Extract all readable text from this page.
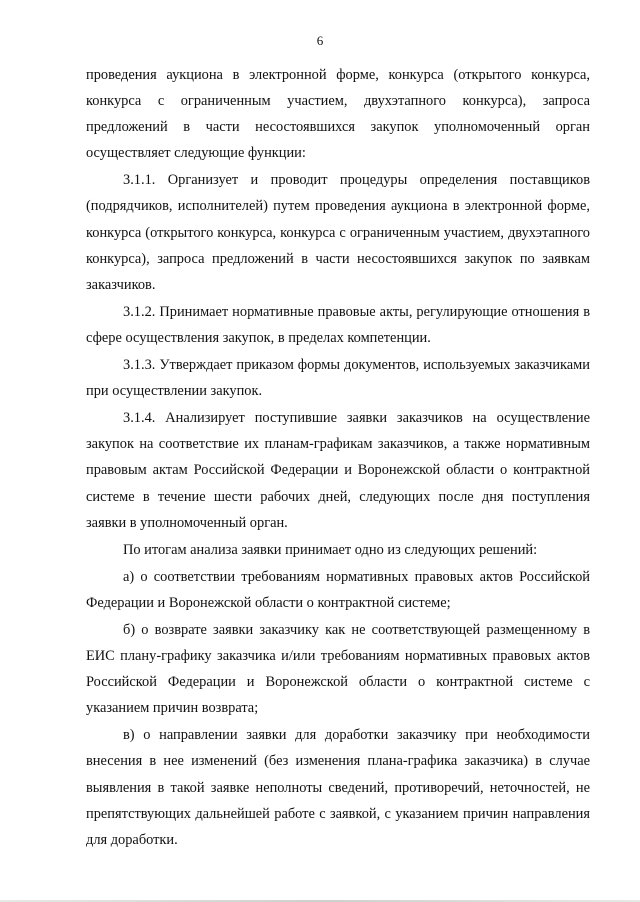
6

проведения аукциона в электронной форме, конкурса (открытого конкурса, конкурса с ограниченным участием, двухэтапного конкурса), запроса предложений в части несостоявшихся закупок уполномоченный орган осуществляет следующие функции:

3.1.1. Организует и проводит процедуры определения поставщиков (подрядчиков, исполнителей) путем проведения аукциона в электронной форме, конкурса (открытого конкурса, конкурса с ограниченным участием, двухэтапного конкурса), запроса предложений в части несостоявшихся закупок по заявкам заказчиков.

3.1.2. Принимает нормативные правовые акты, регулирующие отношения в сфере осуществления закупок, в пределах компетенции.

3.1.3. Утверждает приказом формы документов, используемых заказчиками при осуществлении закупок.

3.1.4. Анализирует поступившие заявки заказчиков на осуществление закупок на соответствие их планам-графикам заказчиков, а также нормативным правовым актам Российской Федерации и Воронежской области о контрактной системе в течение шести рабочих дней, следующих после дня поступления заявки в уполномоченный орган.

По итогам анализа заявки принимает одно из следующих решений:

а) о соответствии требованиям нормативных правовых актов Российской Федерации и Воронежской области о контрактной системе;

б) о возврате заявки заказчику как не соответствующей размещенному в ЕИС плану-графику заказчика и/или требованиям нормативных правовых актов Российской Федерации и Воронежской области о контрактной системе с указанием причин возврата;

в) о направлении заявки для доработки заказчику при необходимости внесения в нее изменений (без изменения плана-графика заказчика) в случае выявления в такой заявке неполноты сведений, противоречий, неточностей, не препятствующих дальнейшей работе с заявкой, с указанием причин направления для доработки.
